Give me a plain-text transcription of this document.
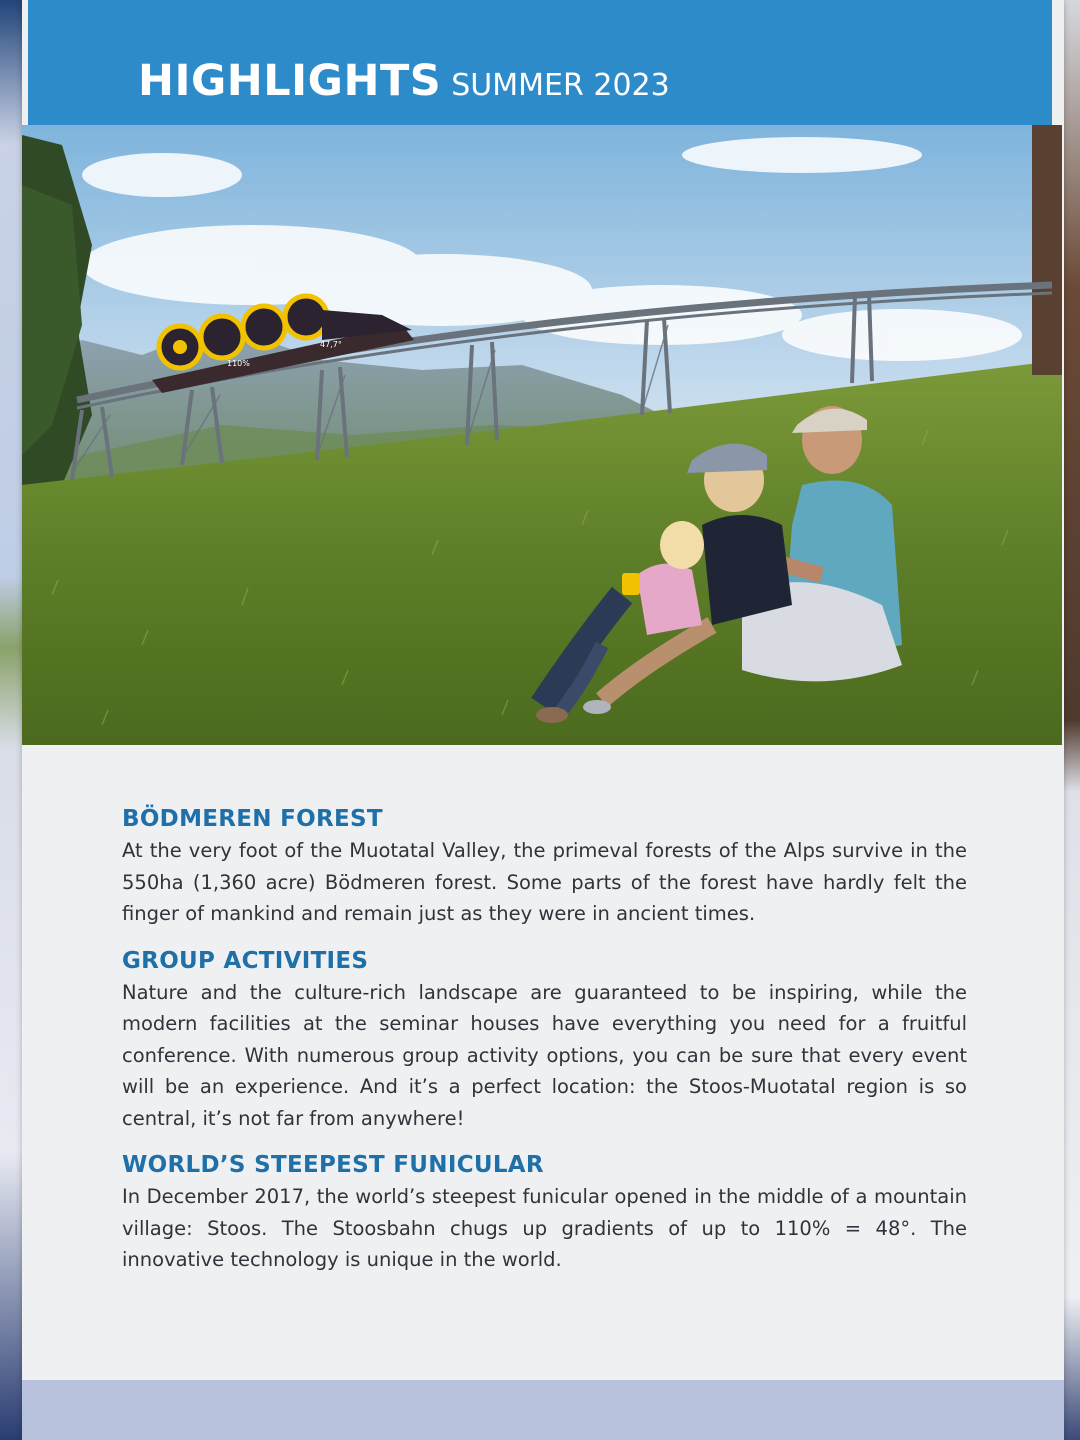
HIGHLIGHTS SUMMER 2023
110%
47,7°
BÖDMEREN FOREST

At the very foot of the Muotatal Valley, the primeval forests of the Alps survive in the 550ha (1,360 acre) Bödmeren forest. Some parts of the forest have hardly felt the finger of mankind and remain just as they were in ancient times.

GROUP ACTIVITIES

Nature and the culture-rich landscape are guaranteed to be inspiring, while the modern facilities at the seminar houses have everything you need for a fruitful conference. With numerous group activity options, you can be sure that every event will be an experience. And it’s a perfect location: the Stoos-Muotatal region is so central, it’s not far from anywhere!

WORLD’S STEEPEST FUNICULAR

In December 2017, the world’s steepest funicular opened in the middle of a mountain village: Stoos. The Stoosbahn chugs up gradients of up to 110% = 48°. The innovative technology is unique in the world.
